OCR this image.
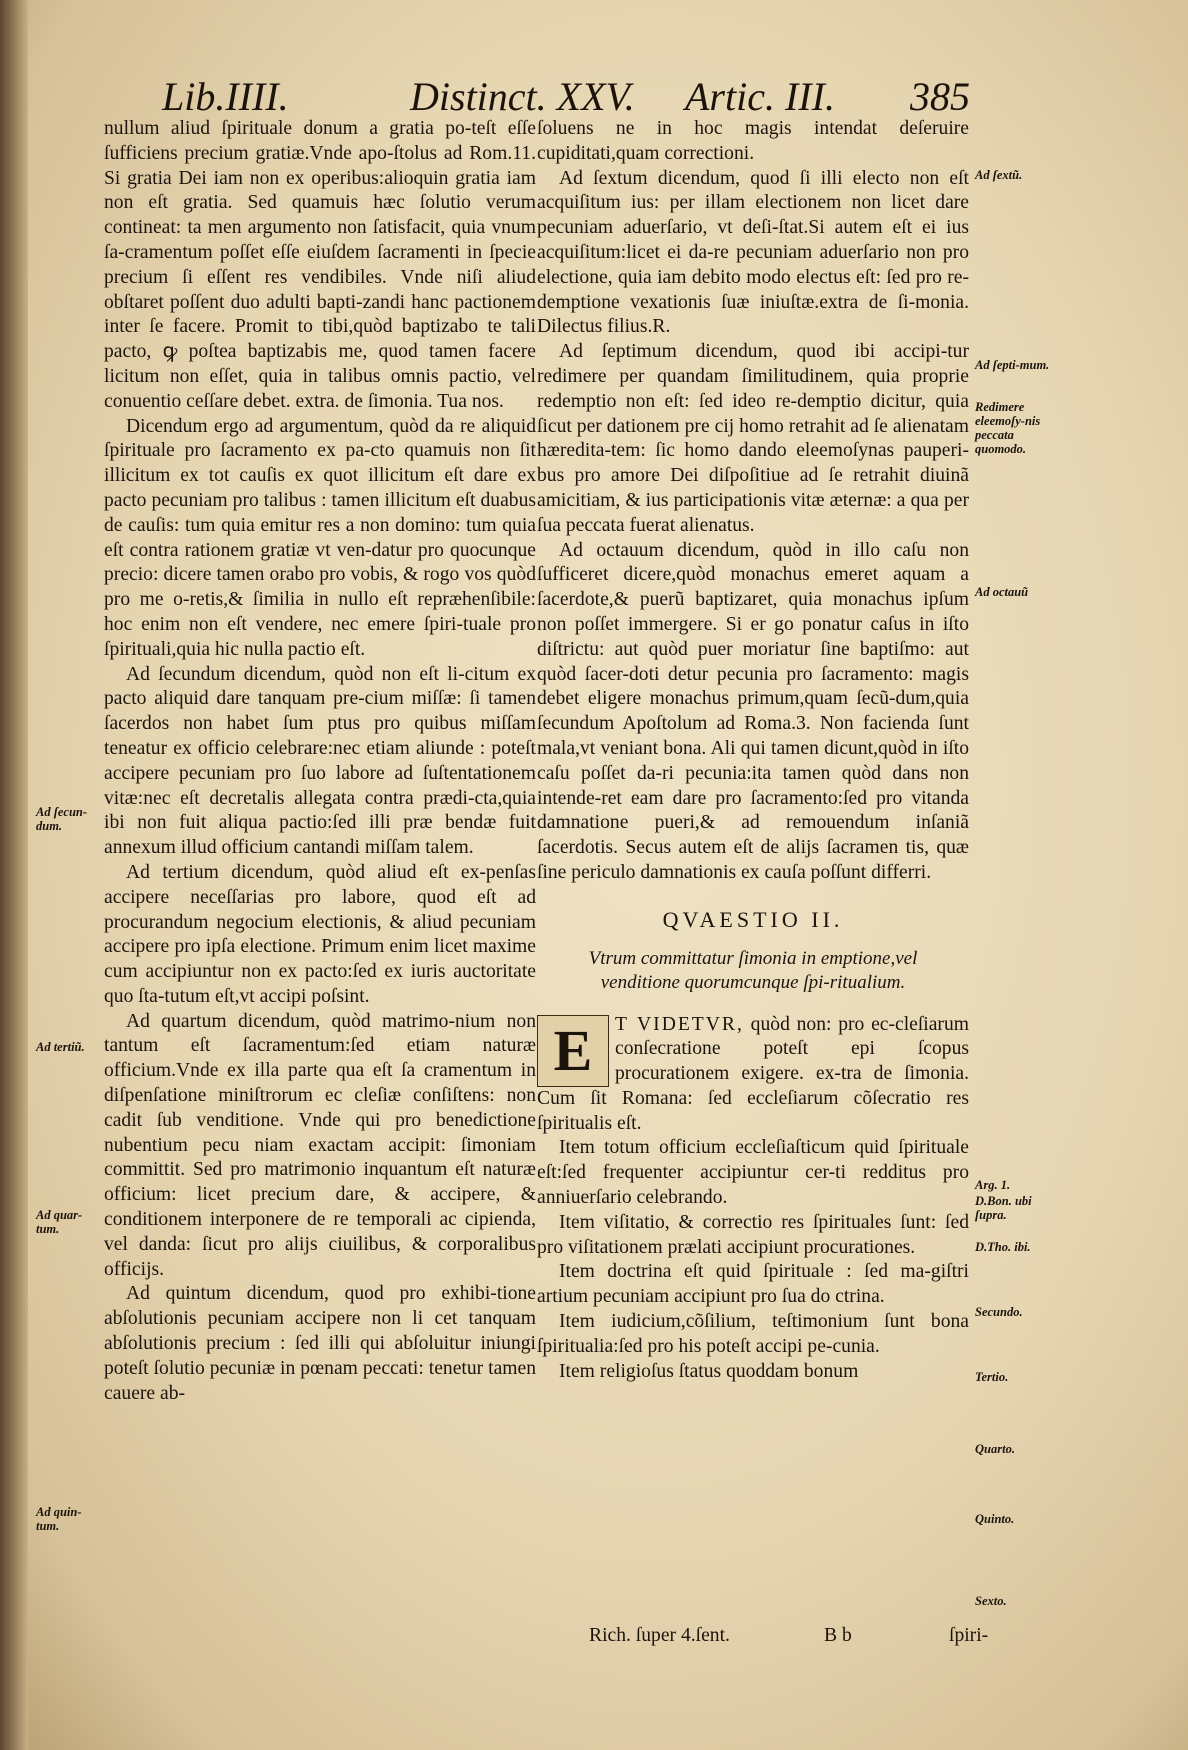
Lib.IIII.	Distinct. XXV. Artic. III. 385

nullum aliud ſpirituale donum a gratia po-teſt eſſe ſufficiens precium gratiæ.Vnde apo-ſtolus ad Rom.11. Si gratia Dei iam non ex operibus:alioquin gratia iam non eſt gratia. Sed quamuis hæc ſolutio verum contineat: ta men argumento non ſatisfacit, quia vnum ſa-cramentum poſſet eſſe eiuſdem ſacramenti in ſpecie precium ſi eſſent res vendibiles. Vnde niſi aliud obſtaret poſſent duo adulti bapti-zandi hanc pactionem inter ſe facere. Promit to tibi,quòd baptizabo te tali pacto, ꝙ poſtea baptizabis me, quod tamen facere licitum non eſſet, quia in talibus omnis pactio, vel conuentio ceſſare debet. extra. de ſimonia. Tua nos.

Dicendum ergo ad argumentum, quòd da re aliquid ſpirituale pro ſacramento ex pa-cto quamuis non ſit illicitum ex tot cauſis ex quot illicitum eſt dare ex pacto pecuniam pro talibus : tamen illicitum eſt duabus de cauſis: tum quia emitur res a non domino: tum quia eſt contra rationem gratiæ vt ven-datur pro quocunque precio: dicere tamen orabo pro vobis, & rogo vos quòd pro me o-retis,& ſimilia in nullo eſt repræhenſibile: hoc enim non eſt vendere, nec emere ſpiri-tuale pro ſpirituali,quia hic nulla pactio eſt.

Ad ſecundum dicendum, quòd non eſt li-citum ex pacto aliquid dare tanquam pre-cium miſſæ: ſi tamen ſacerdos non habet ſum ptus pro quibus miſſam teneatur ex officio celebrare:nec etiam aliunde : poteſt accipere pecuniam pro ſuo labore ad ſuſtentationem vitæ:nec eſt decretalis allegata contra prædi-cta,quia ibi non fuit aliqua pactio:ſed illi præ bendæ fuit annexum illud officium cantandi miſſam talem.

Ad tertium dicendum, quòd aliud eſt ex-penſas accipere neceſſarias pro labore, quod eſt ad procurandum negocium electionis, & aliud pecuniam accipere pro ipſa electione. Primum enim licet maxime cum accipiuntur non ex pacto:ſed ex iuris auctoritate quo ſta-tutum eſt,vt accipi poſsint.

Ad quartum dicendum, quòd matrimo-nium non tantum eſt ſacramentum:ſed etiam naturæ officium.Vnde ex illa parte qua eſt ſa cramentum in diſpenſatione miniſtrorum ec cleſiæ conſiſtens: non cadit ſub venditione. Vnde qui pro benedictione nubentium pecu niam exactam accipit: ſimoniam committit. Sed pro matrimonio inquantum eſt naturæ officium: licet precium dare, & accipere, & conditionem interponere de re temporali ac cipienda, vel danda: ſicut pro alijs ciuilibus, & corporalibus officijs.

Ad quintum dicendum, quod pro exhibi-tione abſolutionis pecuniam accipere non li cet tanquam abſolutionis precium : ſed illi qui abſoluitur iniungi poteſt ſolutio pecuniæ in pœnam peccati: tenetur tamen cauere ab-

Ad ſecun-dum.
Ad tertiũ.
Ad quar-tum.
Ad quin-tum.

ſoluens ne in hoc magis intendat deſeruire cupiditati,quam correctioni.

Ad ſextum dicendum, quod ſi illi electo non eſt acquiſitum ius: per illam electionem non licet dare pecuniam aduerſario, vt deſi-ſtat.Si autem eſt ei ius acquiſitum:licet ei da-re pecuniam aduerſario non pro electione, quia iam debito modo electus eſt: ſed pro re-demptione vexationis ſuæ iniuſtæ.extra de ſi-monia. Dilectus filius.R.

Ad ſeptimum dicendum, quod ibi accipi-tur redimere per quandam ſimilitudinem, quia proprie redemptio non eſt: ſed ideo re-demptio dicitur, quia ſicut per dationem pre cij homo retrahit ad ſe alienatam hæredita-tem: ſic homo dando eleemoſynas pauperi-bus pro amore Dei diſpoſitiue ad ſe retrahit diuinã amicitiam, & ius participationis vitæ æternæ: a qua per ſua peccata fuerat alienatus.

Ad octauum dicendum, quòd in illo caſu non ſufficeret dicere,quòd monachus emeret aquam a ſacerdote,& puerũ baptizaret, quia monachus ipſum non poſſet immergere. Si er go ponatur caſus in iſto diſtrictu: aut quòd puer moriatur ſine baptiſmo: aut quòd ſacer-doti detur pecunia pro ſacramento: magis debet eligere monachus primum,quam ſecũ-dum,quia ſecundum Apoſtolum ad Roma.3. Non facienda ſunt mala,vt veniant bona. Ali qui tamen dicunt,quòd in iſto caſu poſſet da-ri pecunia:ita tamen quòd dans non intende-ret eam dare pro ſacramento:ſed pro vitanda damnatione pueri,& ad remouendum inſaniã ſacerdotis. Secus autem eſt de alijs ſacramen tis, quæ ſine periculo damnationis ex cauſa poſſunt differri.

QVAESTIO II.
Vtrum committatur ſimonia in emptione,vel venditione quorumcunque ſpi-ritualium.

E	T VIDETVR, quòd non: pro ec-cleſiarum conſecratione poteſt epi ſcopus procurationem exigere. ex-tra de ſimonia. Cum ſit Romana: ſed eccleſiarum cõſecratio res ſpiritualis eſt.

Item totum officium eccleſiaſticum quid ſpirituale eſt:ſed frequenter accipiuntur cer-ti redditus pro anniuerſario celebrando.

Item viſitatio, & correctio res ſpirituales ſunt: ſed pro viſitationem prælati accipiunt procurationes.

Item doctrina eſt quid ſpirituale : ſed ma-giſtri artium pecuniam accipiunt pro ſua do ctrina.

Item iudicium,cõſilium, teſtimonium ſunt bona ſpiritualia:ſed pro his poteſt accipi pe-cunia.

Item religioſus ſtatus quoddam bonum

Ad ſextũ.
Ad ſepti-mum.
Redimere eleemoſy-nis peccata quomodo.
Ad octauũ
Arg. 1.
D.Bon. ubi ſupra.
D.Tho. ibi.
Secundo.
Tertio.
Quarto.
Quinto.
Sexto.
Rich. ſuper 4.ſent.	B b	ſpiri-
